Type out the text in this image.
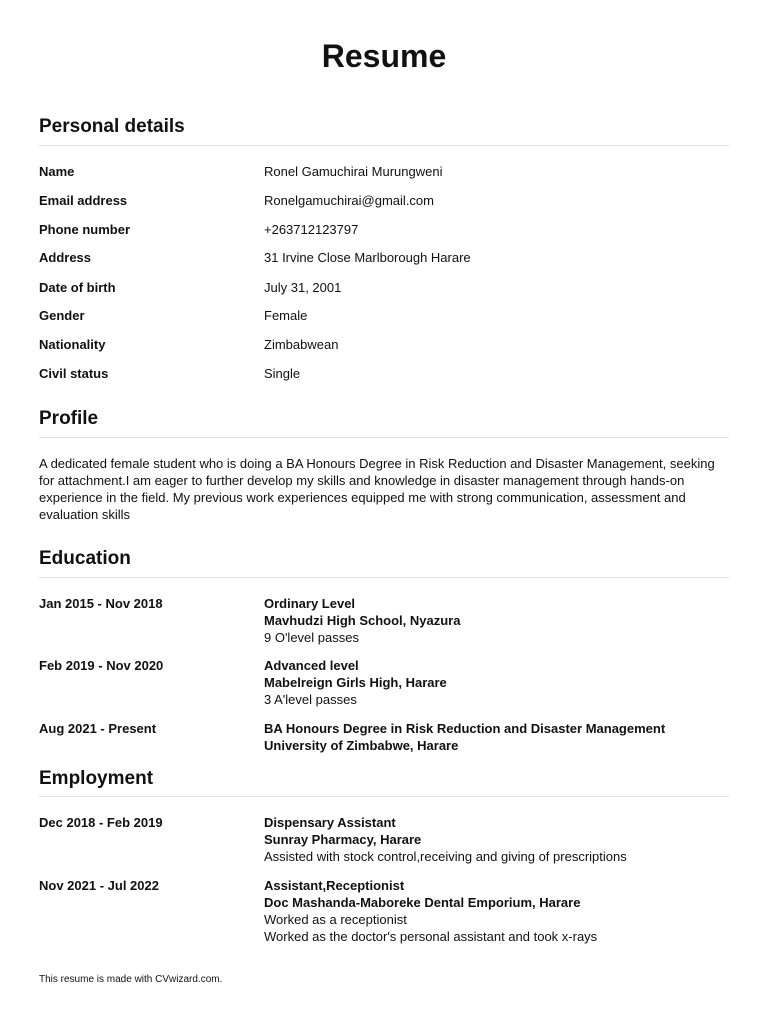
Resume
Personal details
Name	Ronel Gamuchirai Murungweni
Email address	Ronelgamuchirai@gmail.com
Phone number	+263712123797
Address	31 Irvine Close Marlborough Harare
Date of birth	July 31, 2001
Gender	Female
Nationality	Zimbabwean
Civil status	Single
Profile
A dedicated female student who is doing a BA Honours Degree in Risk Reduction and Disaster Management, seeking for attachment.I am eager to further develop my skills and knowledge in disaster management through hands-on experience in the field. My previous work experiences equipped me with strong communication, assessment and evaluation skills
Education
Jan 2015 - Nov 2018	Ordinary Level
Mavhudzi High School, Nyazura
9 O'level passes
Feb 2019 - Nov 2020	Advanced level
Mabelreign Girls High, Harare
3 A'level passes
Aug 2021 - Present	BA Honours Degree in Risk Reduction and Disaster Management
University of Zimbabwe, Harare
Employment
Dec 2018 - Feb 2019	Dispensary Assistant
Sunray Pharmacy, Harare
Assisted with stock control,receiving and giving of prescriptions
Nov 2021 - Jul 2022	Assistant,Receptionist
Doc Mashanda-Maboreke Dental Emporium, Harare
Worked as a receptionist
Worked as the doctor's personal assistant and took x-rays
This resume is made with CVwizard.com.
